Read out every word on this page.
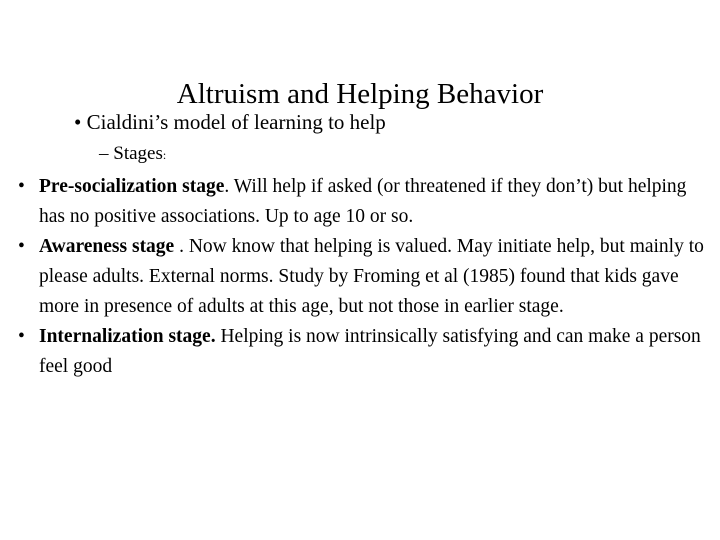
Altruism and Helping Behavior
• Cialdini’s model of learning to help
– Stages:
• Pre-socialization stage. Will help if asked (or threatened if they don’t) but helping has no positive associations. Up to age 10 or so.
• Awareness stage . Now know that helping is valued. May initiate help, but mainly to please adults. External norms. Study by Froming et al (1985) found that kids gave more in presence of adults at this age, but not those in earlier stage.
• Internalization stage. Helping is now intrinsically satisfying and can make a person feel good
